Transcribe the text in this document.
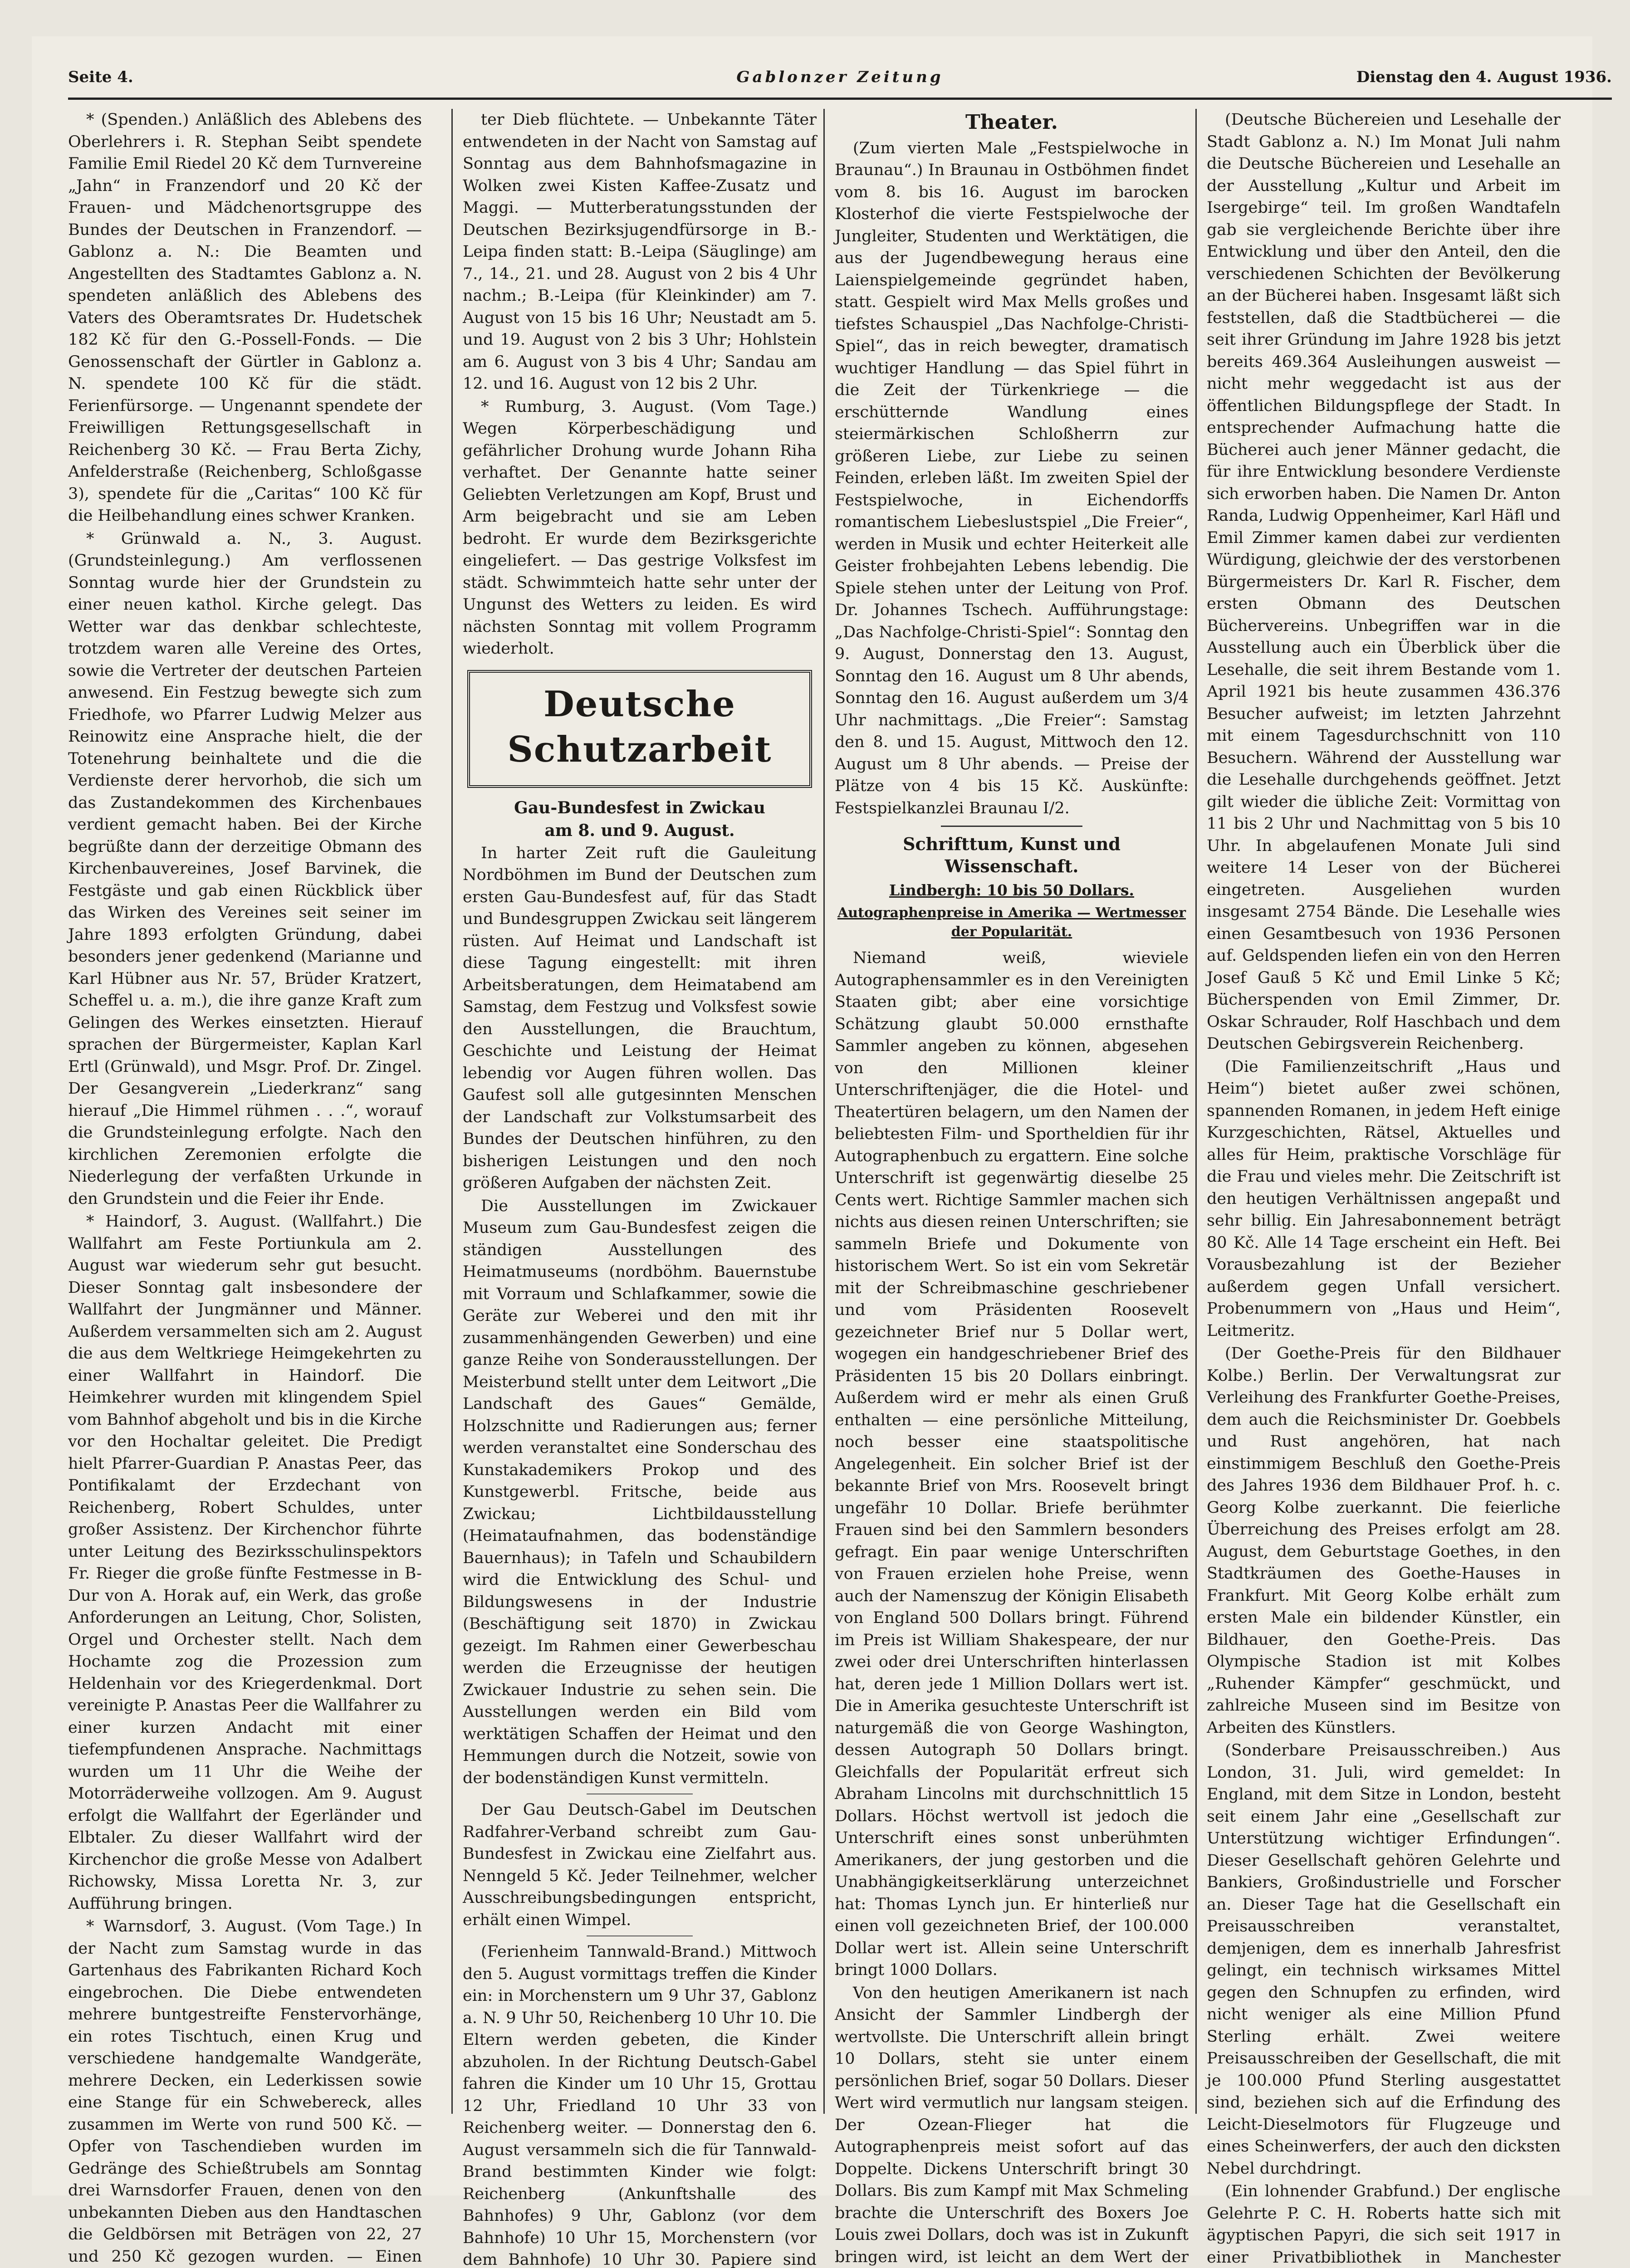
Seite 4.	Gablonzer Zeitung	Dienstag den 4. August 1936.

* (Spenden.) Anläßlich des Ablebens des Oberlehrers i. R. Stephan Seibt spendete Familie Emil Riedel 20 Kč dem Turnvereine „Jahn“ in Franzendorf und 20 Kč der Frauen- und Mädchenortsgruppe des Bundes der Deutschen in Franzendorf. — Gablonz a. N.: Die Beamten und Angestellten des Stadtamtes Gablonz a. N. spendeten anläßlich des Ablebens des Vaters des Oberamtsrates Dr. Hudetschek 182 Kč für den G.-Possell-Fonds. — Die Genossenschaft der Gürtler in Gablonz a. N. spendete 100 Kč für die städt. Ferienfürsorge. — Ungenannt spendete der Freiwilligen Rettungsgesellschaft in Reichenberg 30 Kč. — Frau Berta Zichy, Anfelderstraße (Reichenberg, Schloßgasse 3), spendete für die „Caritas“ 100 Kč für die Heilbehandlung eines schwer Kranken.

* Grünwald a. N., 3. August. (Grundsteinlegung.) Am verflossenen Sonntag wurde hier der Grundstein zu einer neuen kathol. Kirche gelegt. Das Wetter war das denkbar schlechteste, trotzdem waren alle Vereine des Ortes, sowie die Vertreter der deutschen Parteien anwesend. Ein Festzug bewegte sich zum Friedhofe, wo Pfarrer Ludwig Melzer aus Reinowitz eine Ansprache hielt, die der Totenehrung beinhaltete und die die Verdienste derer hervorhob, die sich um das Zustandekommen des Kirchenbaues verdient gemacht haben. Bei der Kirche begrüßte dann der derzeitige Obmann des Kirchenbauvereines, Josef Barvinek, die Festgäste und gab einen Rückblick über das Wirken des Vereines seit seiner im Jahre 1893 erfolgten Gründung, dabei besonders jener gedenkend (Marianne und Karl Hübner aus Nr. 57, Brüder Kratzert, Scheffel u. a. m.), die ihre ganze Kraft zum Gelingen des Werkes einsetzten. Hierauf sprachen der Bürgermeister, Kaplan Karl Ertl (Grünwald), und Msgr. Prof. Dr. Zingel. Der Gesangverein „Liederkranz“ sang hierauf „Die Himmel rühmen . . .“, worauf die Grundsteinlegung erfolgte. Nach den kirchlichen Zeremonien erfolgte die Niederlegung der verfaßten Urkunde in den Grundstein und die Feier ihr Ende.

* Haindorf, 3. August. (Wallfahrt.) Die Wallfahrt am Feste Portiunkula am 2. August war wiederum sehr gut besucht. Dieser Sonntag galt insbesondere der Wallfahrt der Jungmänner und Männer. Außerdem versammelten sich am 2. August die aus dem Weltkriege Heimgekehrten zu einer Wallfahrt in Haindorf. Die Heimkehrer wurden mit klingendem Spiel vom Bahnhof abgeholt und bis in die Kirche vor den Hochaltar geleitet. Die Predigt hielt Pfarrer-Guardian P. Anastas Peer, das Pontifikalamt der Erzdechant von Reichenberg, Robert Schuldes, unter großer Assistenz. Der Kirchenchor führte unter Leitung des Bezirksschulinspektors Fr. Rieger die große fünfte Festmesse in B-Dur von A. Horak auf, ein Werk, das große Anforderungen an Leitung, Chor, Solisten, Orgel und Orchester stellt. Nach dem Hochamte zog die Prozession zum Heldenhain vor des Kriegerdenkmal. Dort vereinigte P. Anastas Peer die Wallfahrer zu einer kurzen Andacht mit einer tiefempfundenen Ansprache. Nachmittags wurden um 11 Uhr die Weihe der Motorräderweihe vollzogen. Am 9. August erfolgt die Wallfahrt der Egerländer und Elbtaler. Zu dieser Wallfahrt wird der Kirchenchor die große Messe von Adalbert Richowsky, Missa Loretta Nr. 3, zur Aufführung bringen.

* Warnsdorf, 3. August. (Vom Tage.) In der Nacht zum Samstag wurde in das Gartenhaus des Fabrikanten Richard Koch eingebrochen. Die Diebe entwendeten mehrere buntgestreifte Fenstervorhänge, ein rotes Tischtuch, einen Krug und verschiedene handgemalte Wandgeräte, mehrere Decken, ein Lederkissen sowie eine Stange für ein Schwebereck, alles zusammen im Werte von rund 500 Kč. — Opfer von Taschendieben wurden im Gedränge des Schießtrubels am Sonntag drei Warnsdorfer Frauen, denen von den unbekannten Dieben aus den Handtaschen die Geldbörsen mit Beträgen von 22, 27 und 250 Kč gezogen wurden. — Einen

ter Dieb flüchtete. — Unbekannte Täter entwendeten in der Nacht von Samstag auf Sonntag aus dem Bahnhofsmagazine in Wolken zwei Kisten Kaffee-Zusatz und Maggi. — Mutterberatungsstunden der Deutschen Bezirksjugendfürsorge in B.-Leipa finden statt: B.-Leipa (Säuglinge) am 7., 14., 21. und 28. August von 2 bis 4 Uhr nachm.; B.-Leipa (für Kleinkinder) am 7. August von 15 bis 16 Uhr; Neustadt am 5. und 19. August von 2 bis 3 Uhr; Hohlstein am 6. August von 3 bis 4 Uhr; Sandau am 12. und 16. August von 12 bis 2 Uhr.

* Rumburg, 3. August. (Vom Tage.) Wegen Körperbeschädigung und gefährlicher Drohung wurde Johann Riha verhaftet. Der Genannte hatte seiner Geliebten Verletzungen am Kopf, Brust und Arm beigebracht und sie am Leben bedroht. Er wurde dem Bezirksgerichte eingeliefert. — Das gestrige Volksfest im städt. Schwimmteich hatte sehr unter der Ungunst des Wetters zu leiden. Es wird nächsten Sonntag mit vollem Programm wiederholt.

Deutsche Schutzarbeit
Gau-Bundesfest in Zwickau
am 8. und 9. August.

In harter Zeit ruft die Gauleitung Nordböhmen im Bund der Deutschen zum ersten Gau-Bundesfest auf, für das Stadt und Bundesgruppen Zwickau seit längerem rüsten. Auf Heimat und Landschaft ist diese Tagung eingestellt: mit ihren Arbeitsberatungen, dem Heimatabend am Samstag, dem Festzug und Volksfest sowie den Ausstellungen, die Brauchtum, Geschichte und Leistung der Heimat lebendig vor Augen führen wollen. Das Gaufest soll alle gutgesinnten Menschen der Landschaft zur Volkstumsarbeit des Bundes der Deutschen hinführen, zu den bisherigen Leistungen und den noch größeren Aufgaben der nächsten Zeit.

Die Ausstellungen im Zwickauer Museum zum Gau-Bundesfest zeigen die ständigen Ausstellungen des Heimatmuseums (nordböhm. Bauernstube mit Vorraum und Schlafkammer, sowie die Geräte zur Weberei und den mit ihr zusammenhängenden Gewerben) und eine ganze Reihe von Sonderausstellungen. Der Meisterbund stellt unter dem Leitwort „Die Landschaft des Gaues“ Gemälde, Holzschnitte und Radierungen aus; ferner werden veranstaltet eine Sonderschau des Kunstakademikers Prokop und des Kunstgewerbl. Fritsche, beide aus Zwickau; Lichtbildausstellung (Heimataufnahmen, das bodenständige Bauernhaus); in Tafeln und Schaubildern wird die Entwicklung des Schul- und Bildungswesens in der Industrie (Beschäftigung seit 1870) in Zwickau gezeigt. Im Rahmen einer Gewerbeschau werden die Erzeugnisse der heutigen Zwickauer Industrie zu sehen sein. Die Ausstellungen werden ein Bild vom werktätigen Schaffen der Heimat und den Hemmungen durch die Notzeit, sowie von der bodenständigen Kunst vermitteln.

Der Gau Deutsch-Gabel im Deutschen Radfahrer-Verband schreibt zum Gau-Bundesfest in Zwickau eine Zielfahrt aus. Nenngeld 5 Kč. Jeder Teilnehmer, welcher Ausschreibungsbedingungen entspricht, erhält einen Wimpel.

(Ferienheim Tannwald-Brand.) Mittwoch den 5. August vormittags treffen die Kinder ein: in Morchenstern um 9 Uhr 37, Gablonz a. N. 9 Uhr 50, Reichenberg 10 Uhr 10. Die Eltern werden gebeten, die Kinder abzuholen. In der Richtung Deutsch-Gabel fahren die Kinder um 10 Uhr 15, Grottau 12 Uhr, Friedland 10 Uhr 33 von Reichenberg weiter. — Donnerstag den 6. August versammeln sich die für Tannwald-Brand bestimmten Kinder wie folgt: Reichenberg (Ankunftshalle des Bahnhofes) 9 Uhr, Gablonz (vor dem Bahnhofe) 10 Uhr 15, Morchenstern (vor dem Bahnhofe) 10 Uhr 30. Papiere sind

Theater.

(Zum vierten Male „Festspielwoche in Braunau“.) In Braunau in Ostböhmen findet vom 8. bis 16. August im barocken Klosterhof die vierte Festspielwoche der Jungleiter, Studenten und Werktätigen, die aus der Jugendbewegung heraus eine Laienspielgemeinde gegründet haben, statt. Gespielt wird Max Mells großes und tiefstes Schauspiel „Das Nachfolge-Christi-Spiel“, das in reich bewegter, dramatisch wuchtiger Handlung — das Spiel führt in die Zeit der Türkenkriege — die erschütternde Wandlung eines steiermärkischen Schloßherrn zur größeren Liebe, zur Liebe zu seinen Feinden, erleben läßt. Im zweiten Spiel der Festspielwoche, in Eichendorffs romantischem Liebeslustspiel „Die Freier“, werden in Musik und echter Heiterkeit alle Geister frohbejahten Lebens lebendig. Die Spiele stehen unter der Leitung von Prof. Dr. Johannes Tschech. Aufführungstage: „Das Nachfolge-Christi-Spiel“: Sonntag den 9. August, Donnerstag den 13. August, Sonntag den 16. August um 8 Uhr abends, Sonntag den 16. August außerdem um 3/4 Uhr nachmittags. „Die Freier“: Samstag den 8. und 15. August, Mittwoch den 12. August um 8 Uhr abends. — Preise der Plätze von 4 bis 15 Kč. Auskünfte: Festspielkanzlei Braunau I/2.

Schrifttum, Kunst und Wissenschaft.
Lindbergh: 10 bis 50 Dollars.
Autographenpreise in Amerika — Wertmesser der Popularität.

Niemand weiß, wieviele Autographensammler es in den Vereinigten Staaten gibt; aber eine vorsichtige Schätzung glaubt 50.000 ernsthafte Sammler angeben zu können, abgesehen von den Millionen kleiner Unterschriftenjäger, die die Hotel- und Theatertüren belagern, um den Namen der beliebtesten Film- und Sportheldien für ihr Autographenbuch zu ergattern. Eine solche Unterschrift ist gegenwärtig dieselbe 25 Cents wert. Richtige Sammler machen sich nichts aus diesen reinen Unterschriften; sie sammeln Briefe und Dokumente von historischem Wert. So ist ein vom Sekretär mit der Schreibmaschine geschriebener und vom Präsidenten Roosevelt gezeichneter Brief nur 5 Dollar wert, wogegen ein handgeschriebener Brief des Präsidenten 15 bis 20 Dollars einbringt. Außerdem wird er mehr als einen Gruß enthalten — eine persönliche Mitteilung, noch besser eine staatspolitische Angelegenheit. Ein solcher Brief ist der bekannte Brief von Mrs. Roosevelt bringt ungefähr 10 Dollar. Briefe berühmter Frauen sind bei den Sammlern besonders gefragt. Ein paar wenige Unterschriften von Frauen erzielen hohe Preise, wenn auch der Namenszug der Königin Elisabeth von England 500 Dollars bringt. Führend im Preis ist William Shakespeare, der nur zwei oder drei Unterschriften hinterlassen hat, deren jede 1 Million Dollars wert ist. Die in Amerika gesuchteste Unterschrift ist naturgemäß die von George Washington, dessen Autograph 50 Dollars bringt. Gleichfalls der Popularität erfreut sich Abraham Lincolns mit durchschnittlich 15 Dollars. Höchst wertvoll ist jedoch die Unterschrift eines sonst unberühmten Amerikaners, der jung gestorben und die Unabhängigkeitserklärung unterzeichnet hat: Thomas Lynch jun. Er hinterließ nur einen voll gezeichneten Brief, der 100.000 Dollar wert ist. Allein seine Unterschrift bringt 1000 Dollars.

Von den heutigen Amerikanern ist nach Ansicht der Sammler Lindbergh der wertvollste. Die Unterschrift allein bringt 10 Dollars, steht sie unter einem persönlichen Brief, sogar 50 Dollars. Dieser Wert wird vermutlich nur langsam steigen. Der Ozean-Flieger hat die Autographenpreis meist sofort auf das Doppelte. Dickens Unterschrift bringt 30 Dollars. Bis zum Kampf mit Max Schmeling brachte die Unterschrift des Boxers Joe Louis zwei Dollars, doch was ist in Zukunft bringen wird, ist leicht an dem Wert der

(Deutsche Büchereien und Lesehalle der Stadt Gablonz a. N.) Im Monat Juli nahm die Deutsche Büchereien und Lesehalle an der Ausstellung „Kultur und Arbeit im Isergebirge“ teil. Im großen Wandtafeln gab sie vergleichende Berichte über ihre Entwicklung und über den Anteil, den die verschiedenen Schichten der Bevölkerung an der Bücherei haben. Insgesamt läßt sich feststellen, daß die Stadtbücherei — die seit ihrer Gründung im Jahre 1928 bis jetzt bereits 469.364 Ausleihungen ausweist — nicht mehr weggedacht ist aus der öffentlichen Bildungspflege der Stadt. In entsprechender Aufmachung hatte die Bücherei auch jener Männer gedacht, die für ihre Entwicklung besondere Verdienste sich erworben haben. Die Namen Dr. Anton Randa, Ludwig Oppenheimer, Karl Häfl und Emil Zimmer kamen dabei zur verdienten Würdigung, gleichwie der des verstorbenen Bürgermeisters Dr. Karl R. Fischer, dem ersten Obmann des Deutschen Büchervereins. Unbegriffen war in die Ausstellung auch ein Überblick über die Lesehalle, die seit ihrem Bestande vom 1. April 1921 bis heute zusammen 436.376 Besucher aufweist; im letzten Jahrzehnt mit einem Tagesdurchschnitt von 110 Besuchern. Während der Ausstellung war die Lesehalle durchgehends geöffnet. Jetzt gilt wieder die übliche Zeit: Vormittag von 11 bis 2 Uhr und Nachmittag von 5 bis 10 Uhr. In abgelaufenen Monate Juli sind weitere 14 Leser von der Bücherei eingetreten. Ausgeliehen wurden insgesamt 2754 Bände. Die Lesehalle wies einen Gesamtbesuch von 1936 Personen auf. Geldspenden liefen ein von den Herren Josef Gauß 5 Kč und Emil Linke 5 Kč; Bücherspenden von Emil Zimmer, Dr. Oskar Schrauder, Rolf Haschbach und dem Deutschen Gebirgsverein Reichenberg.

(Die Familienzeitschrift „Haus und Heim“) bietet außer zwei schönen, spannenden Romanen, in jedem Heft einige Kurzgeschichten, Rätsel, Aktuelles und alles für Heim, praktische Vorschläge für die Frau und vieles mehr. Die Zeitschrift ist den heutigen Verhältnissen angepaßt und sehr billig. Ein Jahresabonnement beträgt 80 Kč. Alle 14 Tage erscheint ein Heft. Bei Vorausbezahlung ist der Bezieher außerdem gegen Unfall versichert. Probenummern von „Haus und Heim“, Leitmeritz.

(Der Goethe-Preis für den Bildhauer Kolbe.) Berlin. Der Verwaltungsrat zur Verleihung des Frankfurter Goethe-Preises, dem auch die Reichsminister Dr. Goebbels und Rust angehören, hat nach einstimmigem Beschluß den Goethe-Preis des Jahres 1936 dem Bildhauer Prof. h. c. Georg Kolbe zuerkannt. Die feierliche Überreichung des Preises erfolgt am 28. August, dem Geburtstage Goethes, in den Stadtkräumen des Goethe-Hauses in Frankfurt. Mit Georg Kolbe erhält zum ersten Male ein bildender Künstler, ein Bildhauer, den Goethe-Preis. Das Olympische Stadion ist mit Kolbes „Ruhender Kämpfer“ geschmückt, und zahlreiche Museen sind im Besitze von Arbeiten des Künstlers.

(Sonderbare Preisausschreiben.) Aus London, 31. Juli, wird gemeldet: In England, mit dem Sitze in London, besteht seit einem Jahr eine „Gesellschaft zur Unterstützung wichtiger Erfindungen“. Dieser Gesellschaft gehören Gelehrte und Bankiers, Großindustrielle und Forscher an. Dieser Tage hat die Gesellschaft ein Preisausschreiben veranstaltet, demjenigen, dem es innerhalb Jahresfrist gelingt, ein technisch wirksames Mittel gegen den Schnupfen zu erfinden, wird nicht weniger als eine Million Pfund Sterling erhält. Zwei weitere Preisausschreiben der Gesellschaft, die mit je 100.000 Pfund Sterling ausgestattet sind, beziehen sich auf die Erfindung des Leicht-Dieselmotors für Flugzeuge und eines Scheinwerfers, der auch den dicksten Nebel durchdringt.

(Ein lohnender Grabfund.) Der englische Gelehrte P. C. H. Roberts hatte sich mit ägyptischen Papyri, die sich seit 1917 in einer Privatbibliothek in Manchester
